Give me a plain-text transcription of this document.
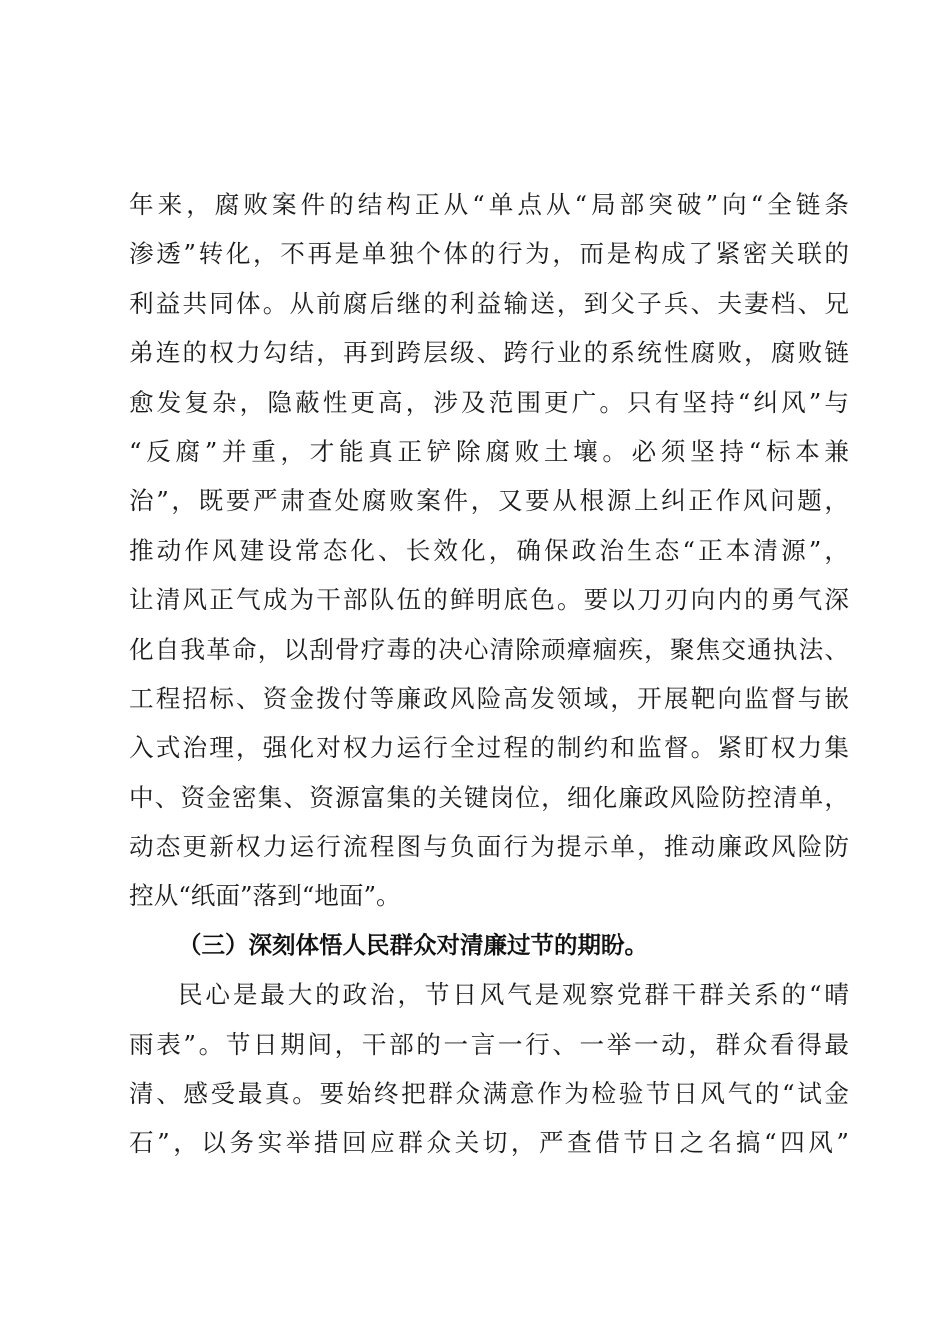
年来，腐败案件的结构正从“单点从“局部突破”向“全链条
渗透”转化，不再是单独个体的行为，而是构成了紧密关联的
利益共同体。从前腐后继的利益输送，到父子兵、夫妻档、兄
弟连的权力勾结，再到跨层级、跨行业的系统性腐败，腐败链
愈发复杂，隐蔽性更高，涉及范围更广。只有坚持“纠风”与
“反腐”并重，才能真正铲除腐败土壤。必须坚持“标本兼
治”，既要严肃查处腐败案件，又要从根源上纠正作风问题，
推动作风建设常态化、长效化，确保政治生态“正本清源”，
让清风正气成为干部队伍的鲜明底色。要以刀刃向内的勇气深
化自我革命，以刮骨疗毒的决心清除顽瘴痼疾，聚焦交通执法、
工程招标、资金拨付等廉政风险高发领域，开展靶向监督与嵌
入式治理，强化对权力运行全过程的制约和监督。紧盯权力集
中、资金密集、资源富集的关键岗位，细化廉政风险防控清单，
动态更新权力运行流程图与负面行为提示单，推动廉政风险防
控从“纸面”落到“地面”。
（三）深刻体悟人民群众对清廉过节的期盼。
民心是最大的政治，节日风气是观察党群干群关系的“晴
雨表”。节日期间，干部的一言一行、一举一动，群众看得最
清、感受最真。要始终把群众满意作为检验节日风气的“试金
石”，以务实举措回应群众关切，严查借节日之名搞“四风”
